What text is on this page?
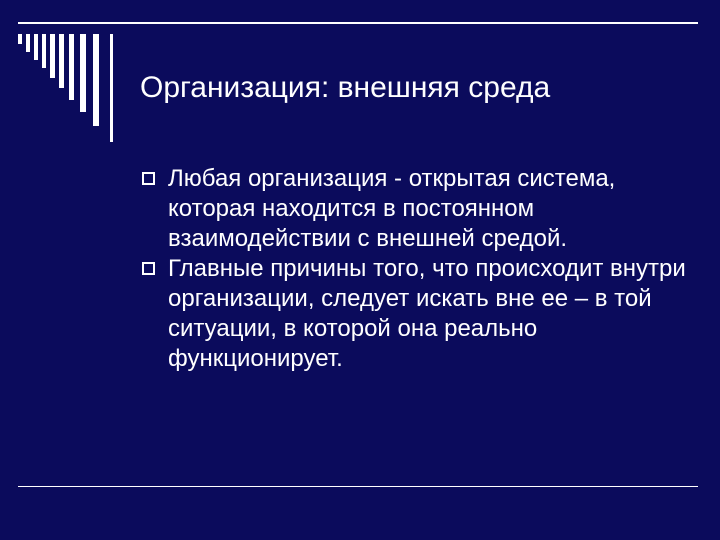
Организация: внешняя среда
Любая организация - открытая система, которая находится в постоянном взаимодействии с внешней средой.
Главные причины того, что происходит внутри организации, следует искать вне ее – в той ситуации, в которой она реально функционирует.
